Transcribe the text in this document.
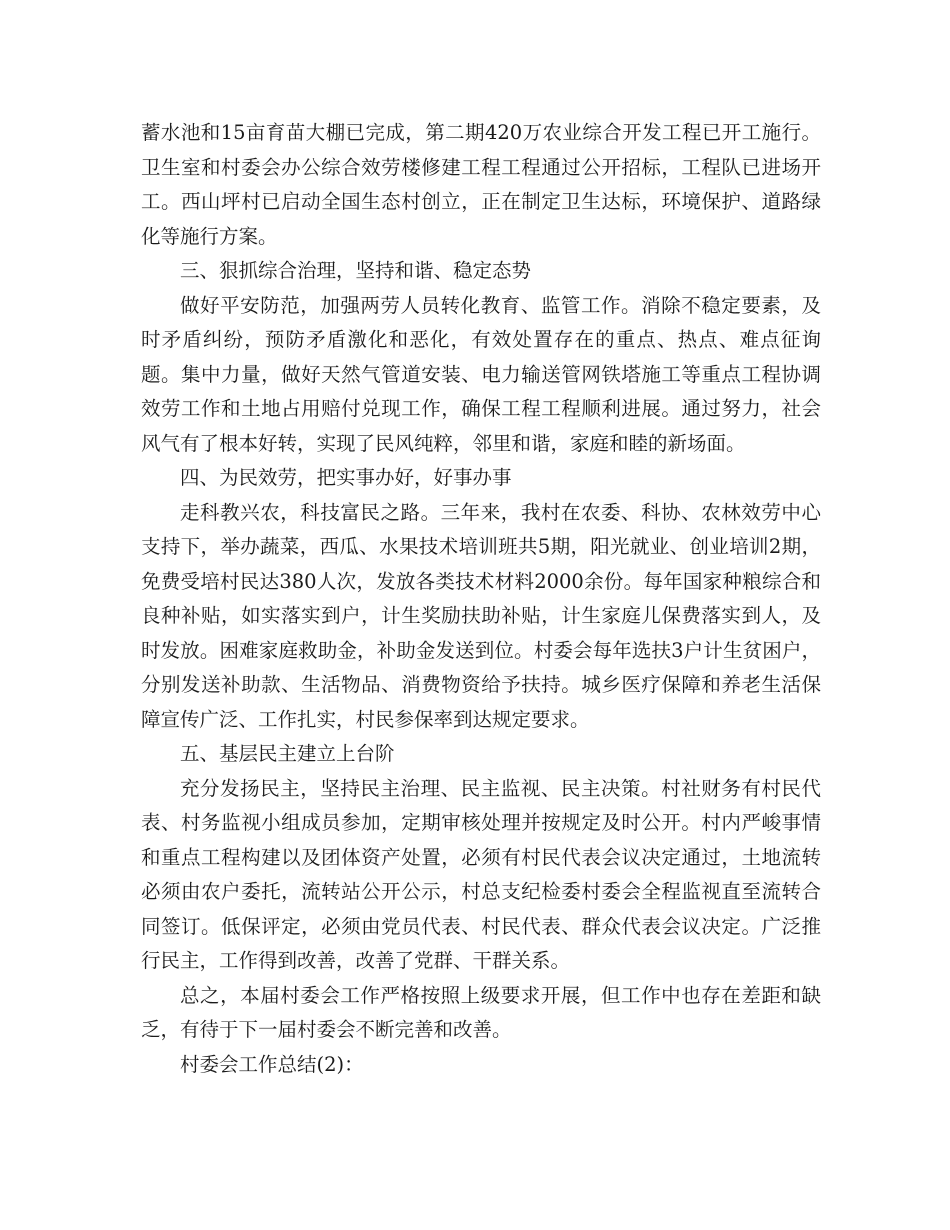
蓄水池和15亩育苗大棚已完成，第二期420万农业综合开发工程已开工施行。卫生室和村委会办公综合效劳楼修建工程工程通过公开招标，工程队已进场开工。西山坪村已启动全国生态村创立，正在制定卫生达标，环境保护、道路绿化等施行方案。

三、狠抓综合治理，坚持和谐、稳定态势

做好平安防范，加强两劳人员转化教育、监管工作。消除不稳定要素，及时矛盾纠纷，预防矛盾激化和恶化，有效处置存在的重点、热点、难点征询题。集中力量，做好天然气管道安装、电力输送管网铁塔施工等重点工程协调效劳工作和土地占用赔付兑现工作，确保工程工程顺利进展。通过努力，社会风气有了根本好转，实现了民风纯粹，邻里和谐，家庭和睦的新场面。

四、为民效劳，把实事办好，好事办事

走科教兴农，科技富民之路。三年来，我村在农委、科协、农林效劳中心支持下，举办蔬菜，西瓜、水果技术培训班共5期，阳光就业、创业培训2期，免费受培村民达380人次，发放各类技术材料2000余份。每年国家种粮综合和良种补贴，如实落实到户，计生奖励扶助补贴，计生家庭儿保费落实到人，及时发放。困难家庭救助金，补助金发送到位。村委会每年选扶3户计生贫困户，分别发送补助款、生活物品、消费物资给予扶持。城乡医疗保障和养老生活保障宣传广泛、工作扎实，村民参保率到达规定要求。

五、基层民主建立上台阶

充分发扬民主，坚持民主治理、民主监视、民主决策。村社财务有村民代表、村务监视小组成员参加，定期审核处理并按规定及时公开。村内严峻事情和重点工程构建以及团体资产处置，必须有村民代表会议决定通过，土地流转必须由农户委托，流转站公开公示，村总支纪检委村委会全程监视直至流转合同签订。低保评定，必须由党员代表、村民代表、群众代表会议决定。广泛推行民主，工作得到改善，改善了党群、干群关系。

总之，本届村委会工作严格按照上级要求开展，但工作中也存在差距和缺乏，有待于下一届村委会不断完善和改善。

村委会工作总结(2)：
